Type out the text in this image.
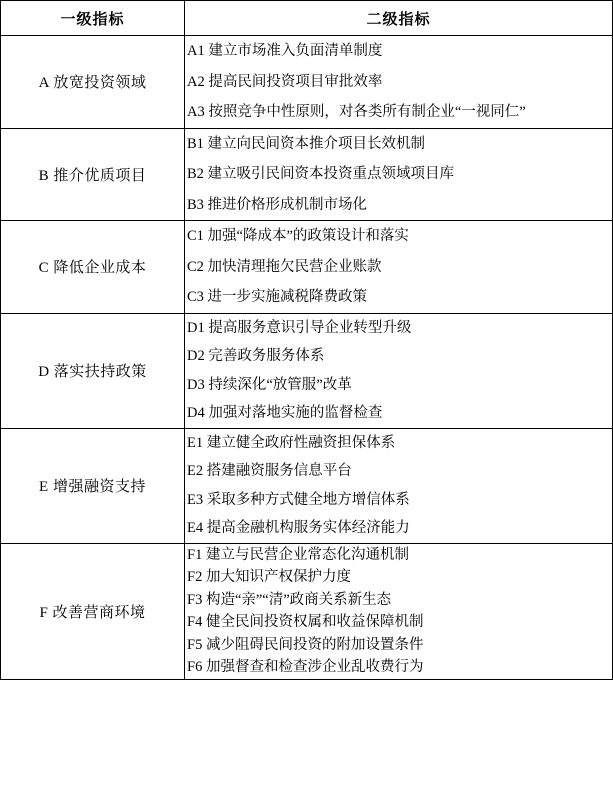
一级指标	二级指标
A 放宽投资领域	
A1 建立市场准入负面清单制度
A2 提高民间投资项目审批效率
A3 按照竞争中性原则，对各类所有制企业“一视同仁”

B 推介优质项目	
B1 建立向民间资本推介项目长效机制
B2 建立吸引民间资本投资重点领域项目库
B3 推进价格形成机制市场化

C 降低企业成本	
C1 加强“降成本”的政策设计和落实
C2 加快清理拖欠民营企业账款
C3 进一步实施减税降费政策

D 落实扶持政策	
D1 提高服务意识引导企业转型升级
D2 完善政务服务体系
D3 持续深化“放管服”改革
D4 加强对落地实施的监督检查

E 增强融资支持	
E1 建立健全政府性融资担保体系
E2 搭建融资服务信息平台
E3 采取多种方式健全地方增信体系
E4 提高金融机构服务实体经济能力

F 改善营商环境	
F1 建立与民营企业常态化沟通机制
F2 加大知识产权保护力度
F3 构造“亲”“清”政商关系新生态
F4 健全民间投资权属和收益保障机制
F5 减少阻碍民间投资的附加设置条件
F6 加强督查和检查涉企业乱收费行为
